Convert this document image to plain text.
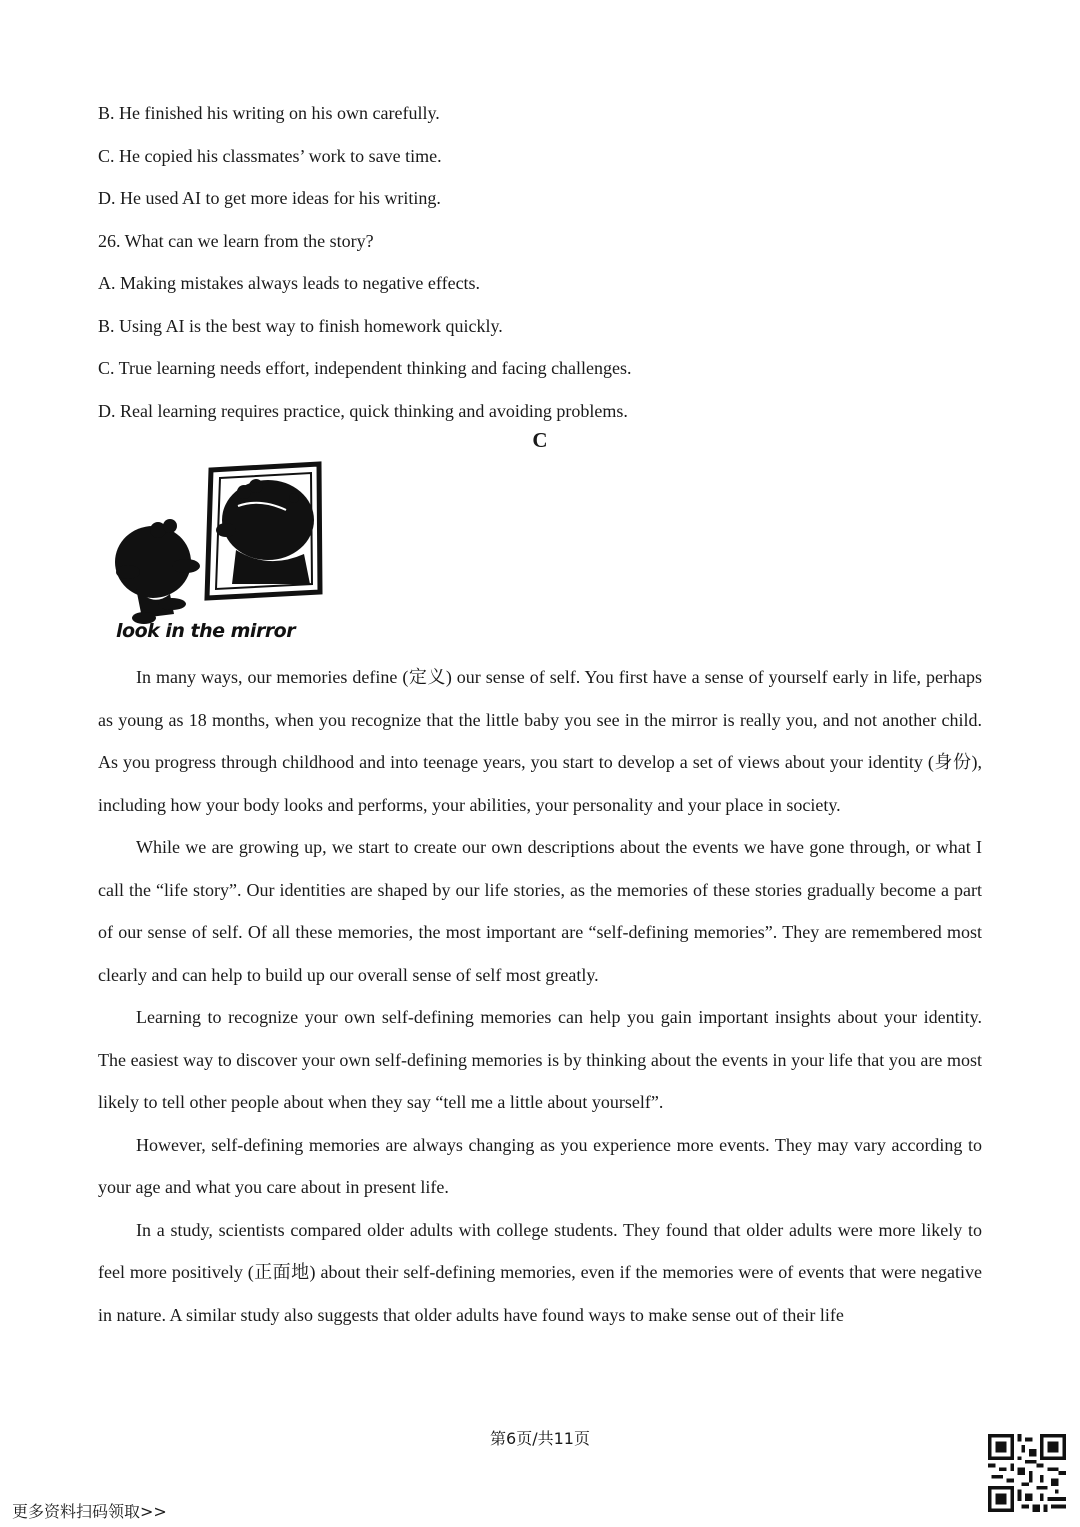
B. He finished his writing on his own carefully.
C. He copied his classmates’ work to save time.
D. He used AI to get more ideas for his writing.
26. What can we learn from the story?
A. Making mistakes always leads to negative effects.
B. Using AI is the best way to finish homework quickly.
C. True learning needs effort, independent thinking and facing challenges.
D. Real learning requires practice, quick thinking and avoiding problems.
C
look in the mirror

In many ways, our memories define (定义) our sense of self. You first have a sense of yourself early in life, perhaps as young as 18 months, when you recognize that the little baby you see in the mirror is really you, and not another child. As you progress through childhood and into teenage years, you start to develop a set of views about your identity (身份), including how your body looks and performs, your abilities, your personality and your place in society.

While we are growing up, we start to create our own descriptions about the events we have gone through, or what I call the “life story”. Our identities are shaped by our life stories, as the memories of these stories gradually become a part of our sense of self. Of all these memories, the most important are “self-defining memories”. They are remembered most clearly and can help to build up our overall sense of self most greatly.

Learning to recognize your own self-defining memories can help you gain important insights about your identity. The easiest way to discover your own self-defining memories is by thinking about the events in your life that you are most likely to tell other people about when they say “tell me a little about yourself”.

However, self-defining memories are always changing as you experience more events. They may vary according to your age and what you care about in present life.

In a study, scientists compared older adults with college students. They found that older adults were more likely to feel more positively (正面地) about their self-defining memories, even if the memories were of events that were negative in nature. A similar study also suggests that older adults have found ways to make sense out of their life

第6页/共11页
更多资料扫码领取>>
